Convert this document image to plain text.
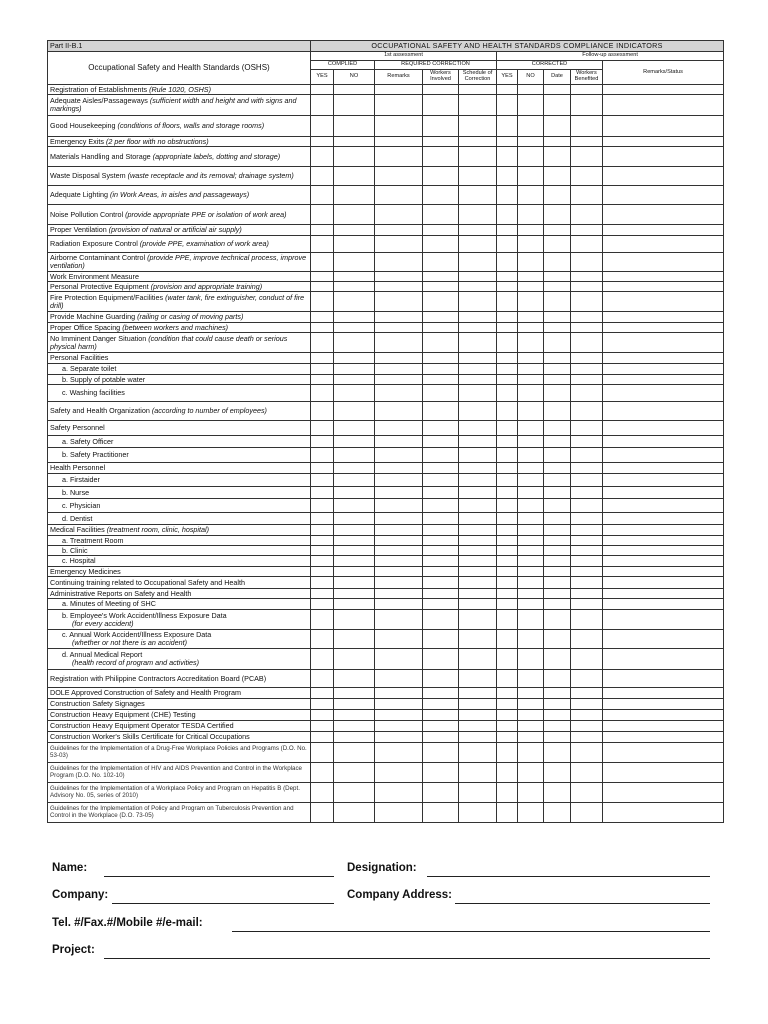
Part II-B.1	OCCUPATIONAL SAFETY AND HEALTH STANDARDS COMPLIANCE INDICATORS									
Occupational Safety and Health Standards (OSHS)	1st assessment					Follow-up assessment				
	COMPLIED		REQUIRED CORRECTION			CORRECTED				Remarks/Status
	YES	NO	Remarks	Workers Involved	Schedule of Correction	YES	NO	Date	Workers Benefited	
Registration of Establishments (Rule 1020, OSHS)										
Adequate Aisles/Passageways (sufficient width and height and with signs and markings)										
Good Housekeeping (conditions of floors, walls and storage rooms)										
Emergency Exits (2 per floor with no obstructions)										
Materials Handling and Storage (appropriate labels, dotting and storage)										
Waste Disposal System (waste receptacle and its removal; drainage system)										
Adequate Lighting (in Work Areas, in aisles and passageways)										
Noise Pollution Control (provide appropriate PPE or isolation of work area)										
Proper Ventilation (provision of natural or artificial air supply)										
Radiation Exposure Control (provide PPE, examination of work area)										
Airborne Contaminant Control (provide PPE, improve technical process, improve ventilation)										
Work Environment Measure										
Personal Protective Equipment (provision and appropriate training)										
Fire Protection Equipment/Facilities (water tank, fire extinguisher, conduct of fire drill)										
Provide Machine Guarding (railing or casing of moving parts)										
Proper Office Spacing (between workers and machines)										
No Imminent Danger Situation (condition that could cause death or serious physical harm)										
Personal Facilities										
a. Separate toilet										
b. Supply of potable water										
c. Washing facilities										
Safety and Health Organization (according to number of employees)										
Safety Personnel										
a. Safety Officer										
b. Safety Practitioner										
Health Personnel										
a. Firstaider										
b. Nurse										
c. Physician										
d. Dentist										
Medical Facilities (treatment room, clinic, hospital)										
a. Treatment Room										
b. Clinic										
c. Hospital										
Emergency Medicines										
Continuing training related to Occupational Safety and Health										
Administrative Reports on Safety and Health										
a. Minutes of Meeting of SHC										
b. Employee's Work Accident/Illness Exposure Data
(for every accident)										
c. Annual Work Accident/Illness Exposure Data
(whether or not there is an accident)										
d. Annual Medical Report
(health record of program and activities)										
Registration with Philippine Contractors Accreditation Board (PCAB)										
DOLE Approved Construction of Safety and Health Program										
Construction Safety Signages										
Construction Heavy Equipment (CHE) Testing										
Construction Heavy Equipment Operator TESDA Certified										
Construction Worker's Skills Certificate for Critical Occupations										
Guidelines for the Implementation of a Drug-Free Workplace Policies and Programs (D.O. No. 53-03)										
Guidelines for the Implementation of HIV and AIDS Prevention and Control in the Workplace Program (D.O. No. 102-10)										
Guidelines for the Implementation of a Workplace Policy and Program on Hepatitis B (Dept. Advisory No. 05, series of 2010)										
Guidelines for the Implementation of Policy and Program on Tuberculosis Prevention and Control in the Workplace (D.O. 73-05)										
Name:	Designation:
Company:	Company Address:
Tel. #/Fax.#/Mobile #/e-mail:
Project:
